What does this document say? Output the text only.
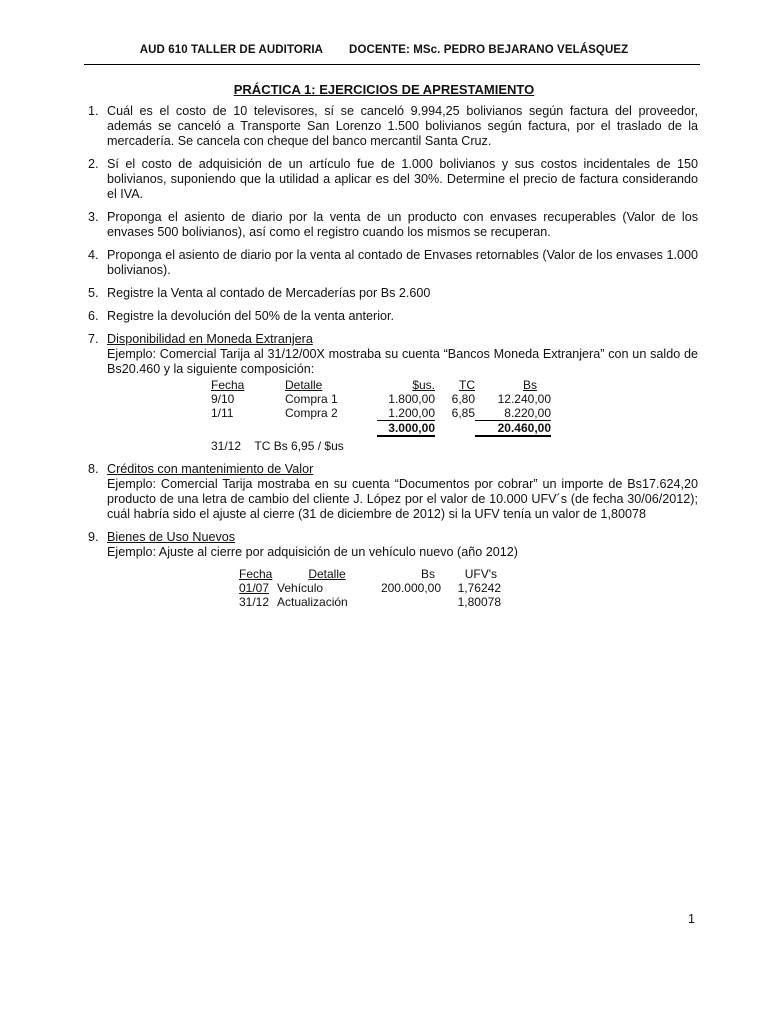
AUD 610 TALLER DE AUDITORIA DOCENTE: MSc. PEDRO BEJARANO VELÁSQUEZ
PRÁCTICA 1: EJERCICIOS DE APRESTAMIENTO
1. Cuál es el costo de 10 televisores, sí se canceló 9.994,25 bolivianos según factura del proveedor, además se canceló a Transporte San Lorenzo 1.500 bolivianos según factura, por el traslado de la mercadería. Se cancela con cheque del banco mercantil Santa Cruz.
2. Sí el costo de adquisición de un artículo fue de 1.000 bolivianos y sus costos incidentales de 150 bolivianos, suponiendo que la utilidad a aplicar es del 30%. Determine el precio de factura considerando el IVA.
3. Proponga el asiento de diario por la venta de un producto con envases recuperables (Valor de los envases 500 bolivianos), así como el registro cuando los mismos se recuperan.
4. Proponga el asiento de diario por la venta al contado de Envases retornables (Valor de los envases 1.000 bolivianos).
5. Registre la Venta al contado de Mercaderías por Bs 2.600
6. Registre la devolución del 50% de la venta anterior.
7. Disponibilidad en Moneda Extranjera
Ejemplo: Comercial Tarija al 31/12/00X mostraba su cuenta “Bancos Moneda Extranjera” con un saldo de Bs20.460 y la siguiente composición:
Fecha	Detalle	$us.	TC	Bs
9/10	Compra 1	1.800,00	6,80	12.240,00
1/11	Compra 2	1.200,00	6,85	8.220,00
		3.000,00		20.460,00
31/12 TC Bs 6,95 / $us
8. Créditos con mantenimiento de Valor
Ejemplo: Comercial Tarija mostraba en su cuenta “Documentos por cobrar” un importe de Bs17.624,20 producto de una letra de cambio del cliente J. López por el valor de 10.000 UFV´s (de fecha 30/06/2012); cuál habría sido el ajuste al cierre (31 de diciembre de 2012) si la UFV tenía un valor de 1,80078
9. Bienes de Uso Nuevos
Ejemplo: Ajuste al cierre por adquisición de un vehículo nuevo (año 2012)
Fecha	Detalle	Bs	UFV's
01/07	Vehículo	200.000,00	1,76242
31/12	Actualización		1,80078
1
